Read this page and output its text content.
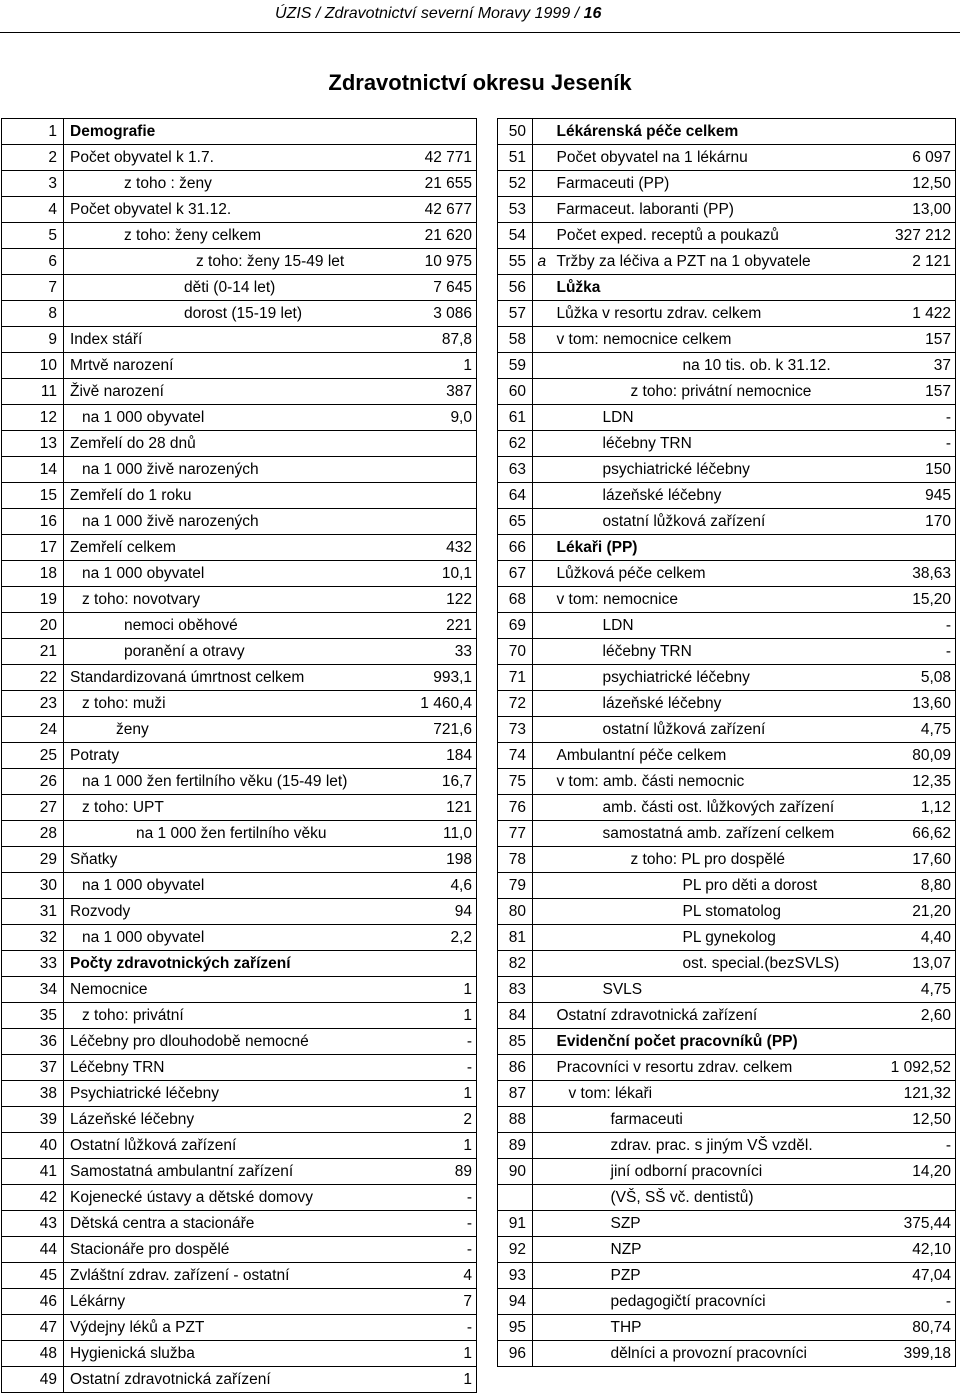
ÚZIS / Zdravotnictví severní Moravy 1999 / 16
Zdravotnictví okresu Jeseník
1	Demografie	
2	Počet obyvatel k 1.7.	42 771
3	z toho : ženy	21 655
4	Počet obyvatel k 31.12.	42 677
5	z toho: ženy celkem	21 620
6	z toho: ženy 15-49 let	10 975
7	děti (0-14 let)	7 645
8	dorost (15-19 let)	3 086
9	Index stáří	87,8
10	Mrtvě narození	1
11	Živě narození	387
12	na 1 000 obyvatel	9,0
13	Zemřelí do 28 dnů	
14	na 1 000 živě narozených	
15	Zemřelí do 1 roku	
16	na 1 000 živě narozených	
17	Zemřelí celkem	432
18	na 1 000 obyvatel	10,1
19	z toho: novotvary	122
20	nemoci oběhové	221
21	poranění a otravy	33
22	Standardizovaná úmrtnost celkem	993,1
23	z toho: muži	1 460,4
24	ženy	721,6
25	Potraty	184
26	na 1 000 žen fertilního věku (15-49 let)	16,7
27	z toho: UPT	121
28	na 1 000 žen fertilního věku	11,0
29	Sňatky	198
30	na 1 000 obyvatel	4,6
31	Rozvody	94
32	na 1 000 obyvatel	2,2
33	Počty zdravotnických zařízení	
34	Nemocnice	1
35	z toho: privátní	1
36	Léčebny pro dlouhodobě nemocné	-
37	Léčebny TRN	-
38	Psychiatrické léčebny	1
39	Lázeňské léčebny	2
40	Ostatní lůžková zařízení	1
41	Samostatná ambulantní zařízení	89
42	Kojenecké ústavy a dětské domovy	-
43	Dětská centra a stacionáře	-
44	Stacionáře pro dospělé	-
45	Zvláštní zdrav. zařízení - ostatní	4
46	Lékárny	7
47	Výdejny léků a PZT	-
48	Hygienická služba	1
49	Ostatní zdravotnická zařízení	1
50		Lékárenská péče celkem	
51		Počet obyvatel na 1 lékárnu	6 097
52		Farmaceuti (PP)	12,50
53		Farmaceut. laboranti (PP)	13,00
54		Počet exped. receptů a poukazů	327 212
55	a	Tržby za léčiva a PZT na 1 obyvatele	2 121
56		Lůžka	
57		Lůžka v resortu zdrav. celkem	1 422
58		v tom: nemocnice celkem	157
59		na 10 tis. ob. k 31.12.	37
60		z toho: privátní nemocnice	157
61		LDN	-
62		léčebny TRN	-
63		psychiatrické léčebny	150
64		lázeňské léčebny	945
65		ostatní lůžková zařízení	170
66		Lékaři (PP)	
67		Lůžková péče celkem	38,63
68		v tom: nemocnice	15,20
69		LDN	-
70		léčebny TRN	-
71		psychiatrické léčebny	5,08
72		lázeňské léčebny	13,60
73		ostatní lůžková zařízení	4,75
74		Ambulantní péče celkem	80,09
75		v tom: amb. části nemocnic	12,35
76		amb. části ost. lůžkových zařízení	1,12
77		samostatná amb. zařízení celkem	66,62
78		z toho: PL pro dospělé	17,60
79		PL pro děti a dorost	8,80
80		PL stomatolog	21,20
81		PL gynekolog	4,40
82		ost. special.(bezSVLS)	13,07
83		SVLS	4,75
84		Ostatní zdravotnická zařízení	2,60
85		Evidenční počet pracovníků (PP)	
86		Pracovníci v resortu zdrav. celkem	1 092,52
87		v tom: lékaři	121,32
88		farmaceuti	12,50
89		zdrav. prac. s jiným VŠ vzděl.	-
90		jiní odborní pracovníci	14,20
		(VŠ, SŠ vč. dentistů)	
91		SZP	375,44
92		NZP	42,10
93		PZP	47,04
94		pedagogičtí pracovníci	-
95		THP	80,74
96		dělníci a provozní pracovníci	399,18
